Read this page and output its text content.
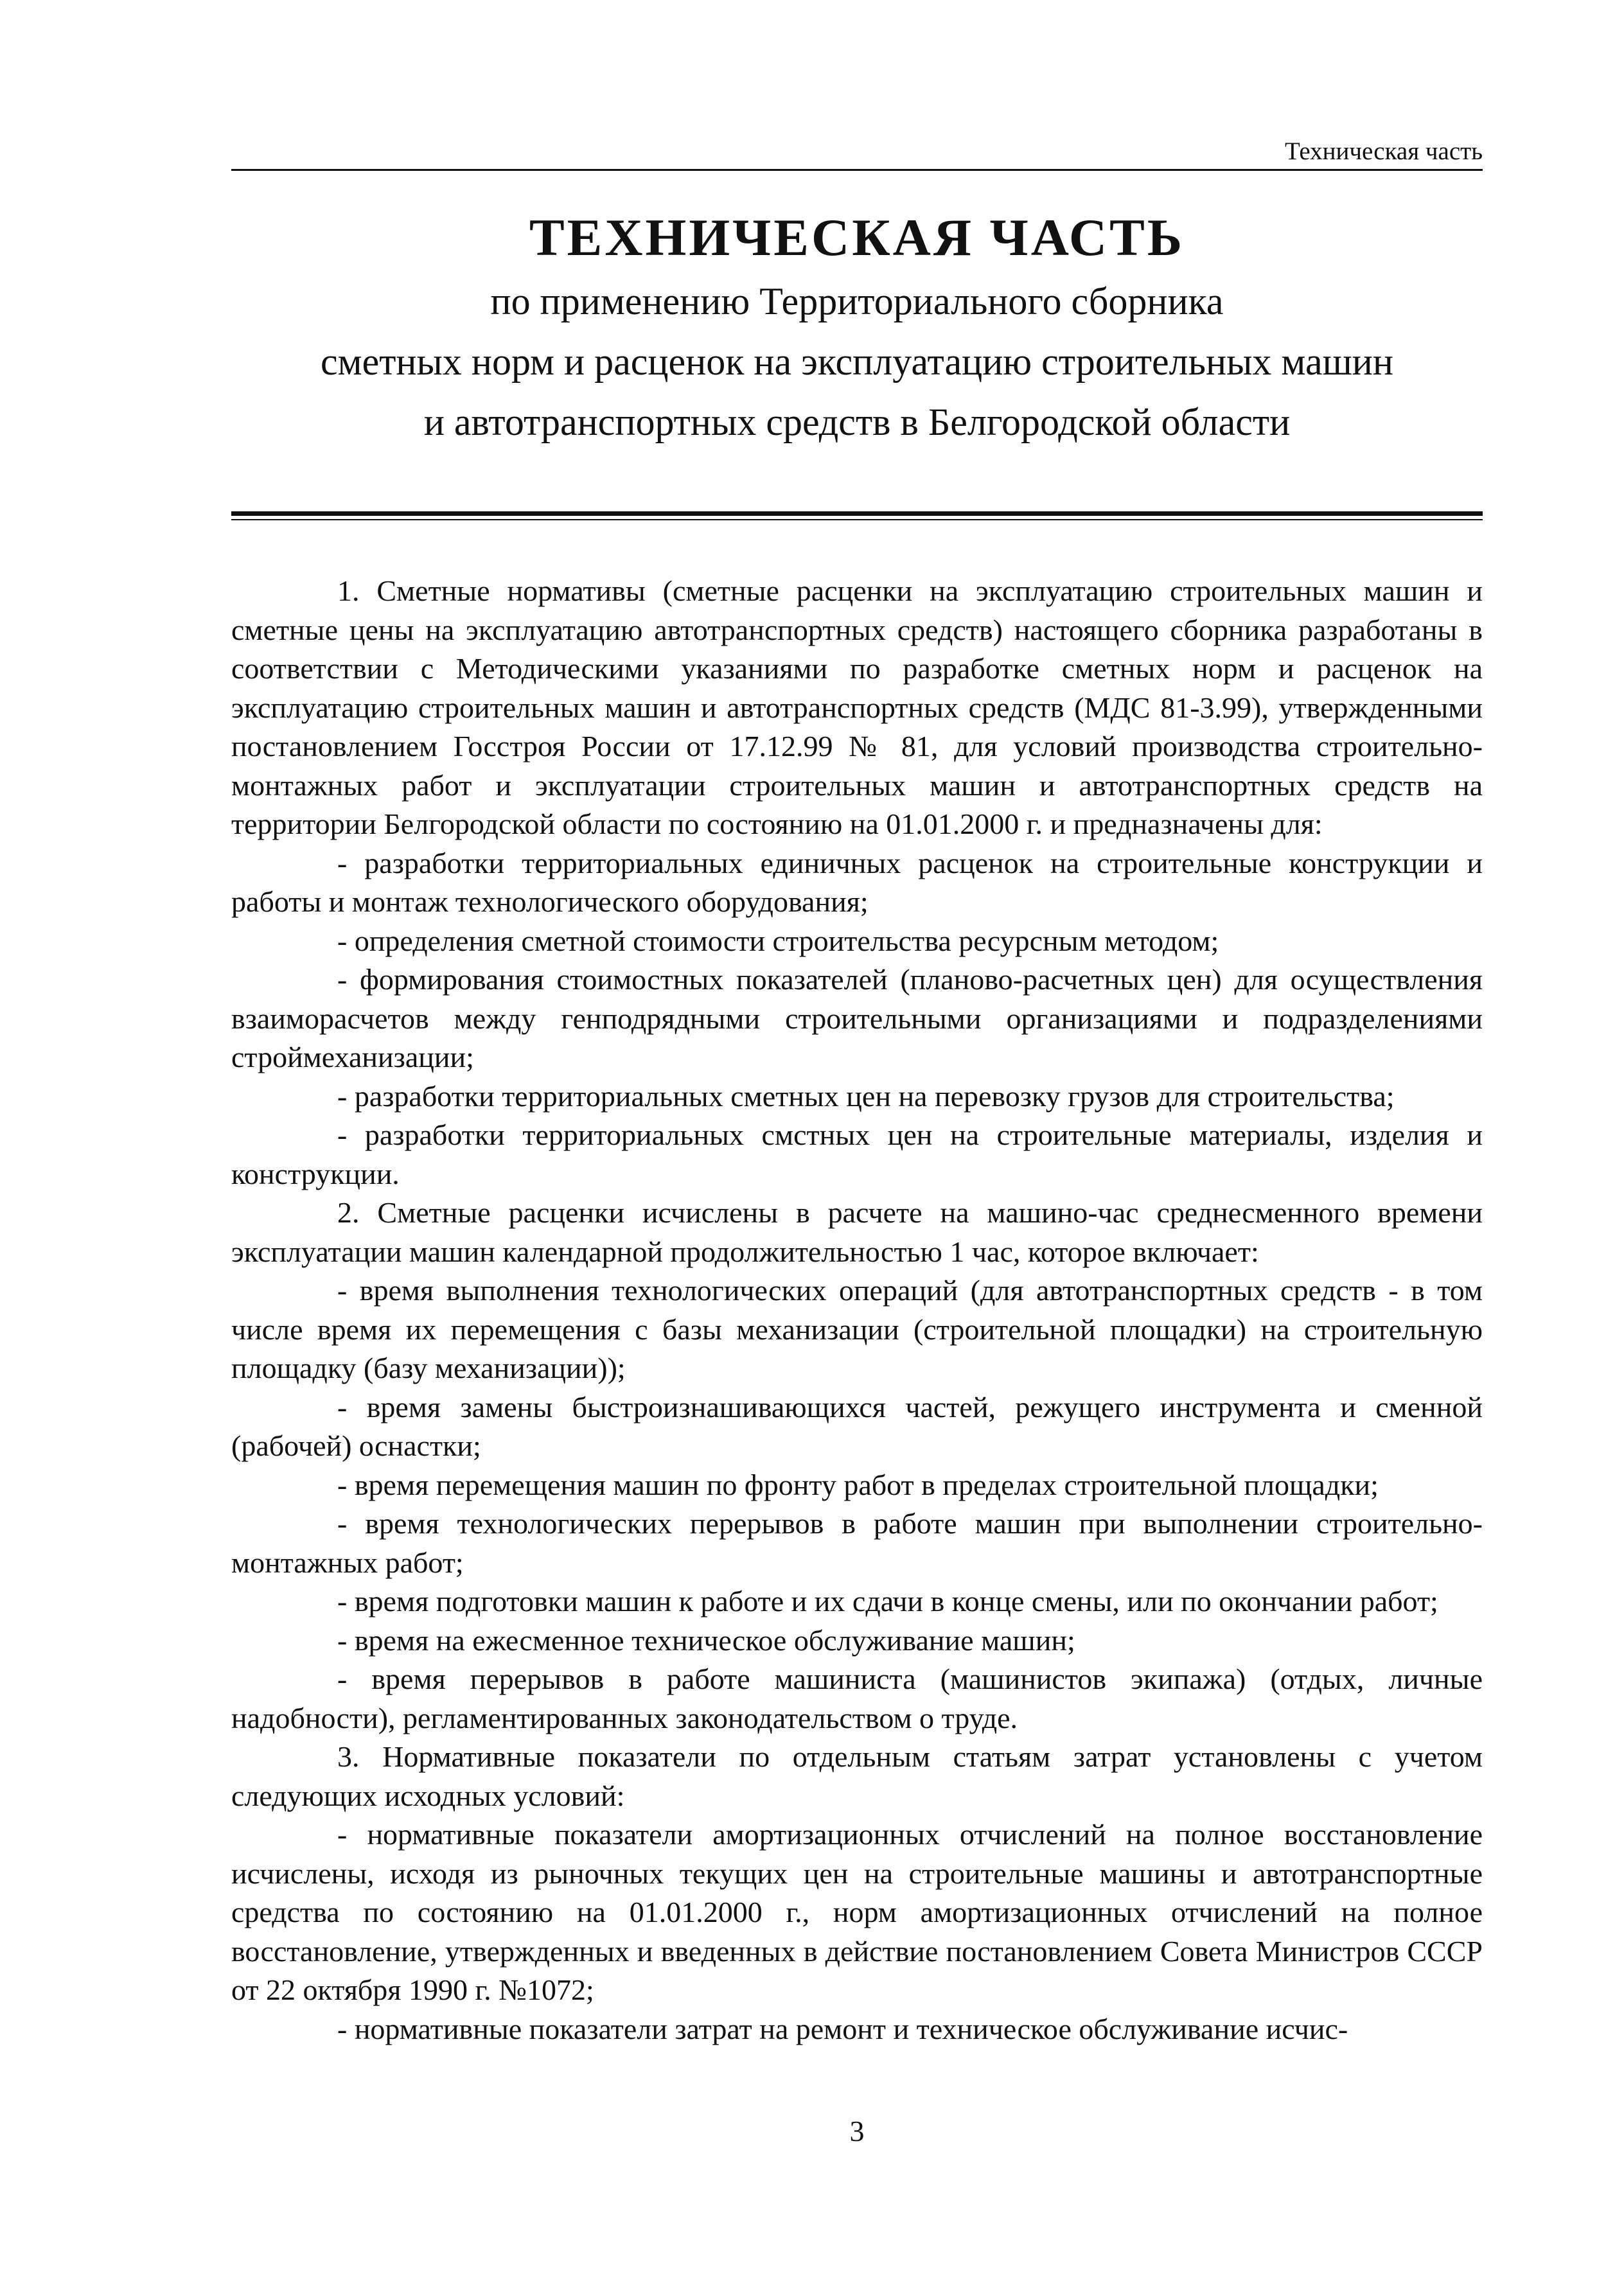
Техническая часть
ТЕХНИЧЕСКАЯ ЧАСТЬ
по применению Территориального сборника
сметных норм и расценок на эксплуатацию строительных машин
и автотранспортных средств в Белгородской области

1. Сметные нормативы (сметные расценки на эксплуатацию строительных машин и сметные цены на эксплуатацию автотранспортных средств) настоящего сборника разработаны в соответствии с Методическими указаниями по разработке сметных норм и расценок на эксплуатацию строительных машин и автотранспортных средств (МДС 81-3.99), утвержденными постановлением Госстроя России от 17.12.99 № 81, для условий производства строительно-монтажных работ и эксплуатации строительных машин и автотранспортных средств на территории Белгородской области по состоянию на 01.01.2000 г. и предназначены для:

- разработки территориальных единичных расценок на строительные конструкции и работы и монтаж технологического оборудования;

- определения сметной стоимости строительства ресурсным методом;

- формирования стоимостных показателей (планово-расчетных цен) для осуществления взаиморасчетов между генподрядными строительными организациями и подразделениями строймеханизации;

- разработки территориальных сметных цен на перевозку грузов для строительства;

- разработки территориальных смстных цен на строительные материалы, изделия и конструкции.

2. Сметные расценки исчислены в расчете на машино-час среднесменного времени эксплуатации машин календарной продолжительностью 1 час, которое включает:

- время выполнения технологических операций (для автотранспортных средств - в том числе время их перемещения с базы механизации (строительной площадки) на строительную площадку (базу механизации));

- время замены быстроизнашивающихся частей, режущего инструмента и сменной (рабочей) оснастки;

- время перемещения машин по фронту работ в пределах строительной площадки;

- время технологических перерывов в работе машин при выполнении строительно-монтажных работ;

- время подготовки машин к работе и их сдачи в конце смены, или по окончании работ;

- время на ежесменное техническое обслуживание машин;

- время перерывов в работе машиниста (машинистов экипажа) (отдых, личные надобности), регламентированных законодательством о труде.

3. Нормативные показатели по отдельным статьям затрат установлены с учетом следующих исходных условий:

- нормативные показатели амортизационных отчислений на полное восстановление исчислены, исходя из рыночных текущих цен на строительные машины и автотранспортные средства по состоянию на 01.01.2000 г., норм амортизационных отчислений на полное восстановление, утвержденных и введенных в действие постановлением Совета Министров СССР от 22 октября 1990 г. №1072;

- нормативные показатели затрат на ремонт и техническое обслуживание исчис-

3
